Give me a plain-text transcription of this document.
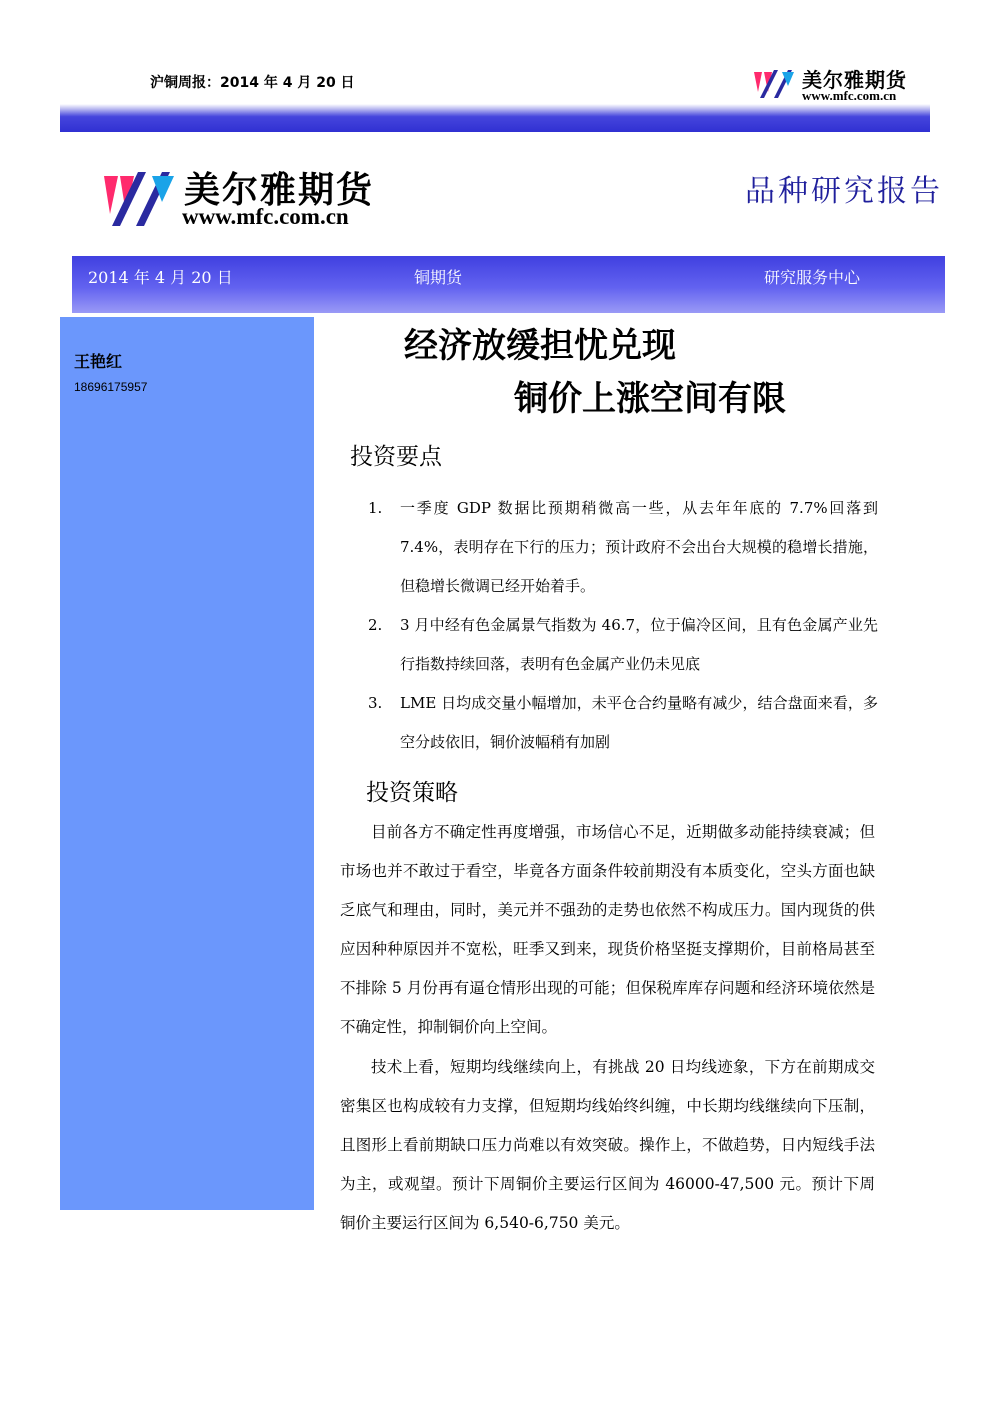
沪铜周报：2014 年 4 月 20 日	美尔雅期货
www.mfc.com.cn
美尔雅期货
www.mfc.com.cn
品种研究报告
2014 年 4 月 20 日	铜期货	研究服务中心
王艳红
18696175957
经济放缓担忧兑现
铜价上涨空间有限
投资要点
1. 一季度 GDP 数据比预期稍微高一些，从去年年底的 7.7%回落到 7.4%，表明存在下行的压力；预计政府不会出台大规模的稳增长措施，但稳增长微调已经开始着手。
2. 3 月中经有色金属景气指数为 46.7，位于偏冷区间，且有色金属产业先行指数持续回落，表明有色金属产业仍未见底
3. LME 日均成交量小幅增加，未平仓合约量略有减少，结合盘面来看，多空分歧依旧，铜价波幅稍有加剧
投资策略
目前各方不确定性再度增强，市场信心不足，近期做多动能持续衰减；但市场也并不敢过于看空，毕竟各方面条件较前期没有本质变化，空头方面也缺乏底气和理由，同时，美元并不强劲的走势也依然不构成压力。国内现货的供应因种种原因并不宽松，旺季又到来，现货价格坚挺支撑期价，目前格局甚至不排除 5 月份再有逼仓情形出现的可能；但保税库库存问题和经济环境依然是不确定性，抑制铜价向上空间。
技术上看，短期均线继续向上，有挑战 20 日均线迹象，下方在前期成交密集区也构成较有力支撑，但短期均线始终纠缠，中长期均线继续向下压制，且图形上看前期缺口压力尚难以有效突破。操作上，不做趋势，日内短线手法为主，或观望。预计下周铜价主要运行区间为 46000-47,500 元。预计下周铜价主要运行区间为 6,540-6,750 美元。
